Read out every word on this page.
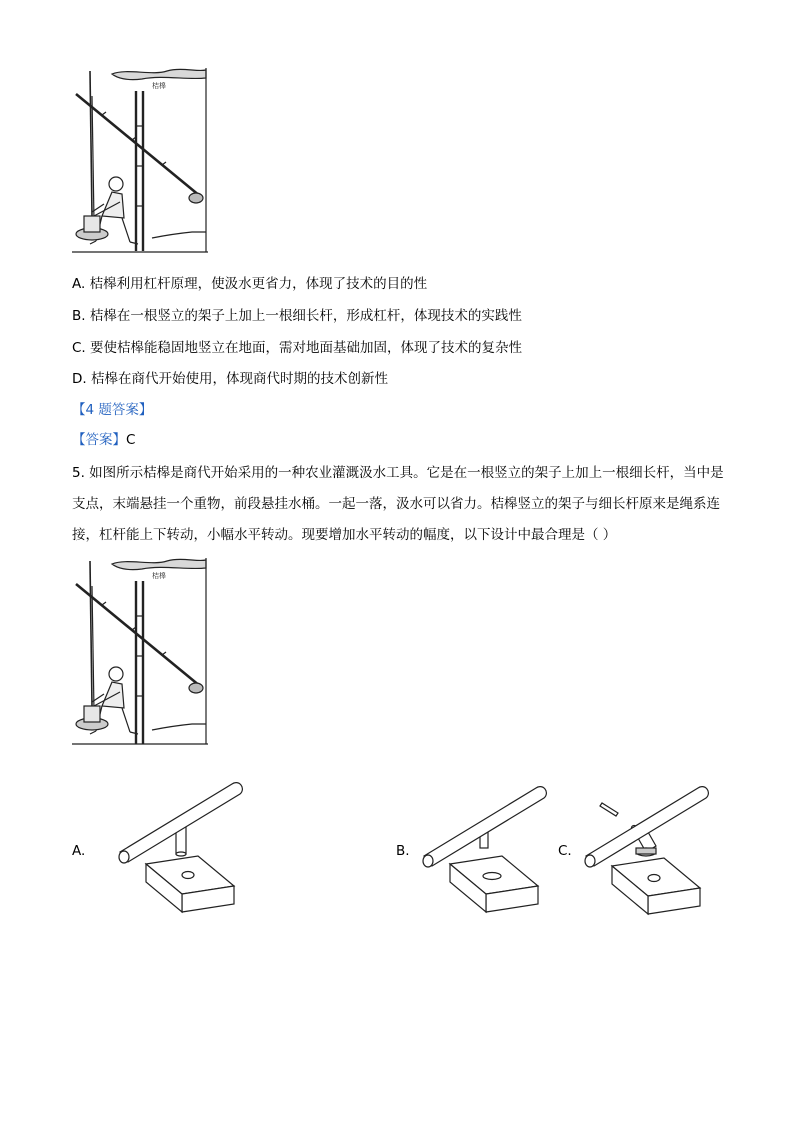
桔槔
A. 桔槔利用杠杆原理，使汲水更省力，体现了技术的目的性
B. 桔槔在一根竖立的架子上加上一根细长杆，形成杠杆，体现技术的实践性
C. 要使桔槔能稳固地竖立在地面，需对地面基础加固，体现了技术的复杂性
D. 桔槔在商代开始使用，体现商代时期的技术创新性
【4 题答案】
【答案】C
5. 如图所示桔槔是商代开始采用的一种农业灌溉汲水工具。它是在一根竖立的架子上加上一根细长杆，当中是支点，末端悬挂一个重物，前段悬挂水桶。一起一落，汲水可以省力。桔槔竖立的架子与细长杆原来是绳系连接，杠杆能上下转动，小幅水平转动。现要增加水平转动的幅度，以下设计中最合理是（ ）
桔槔
A.	B.	C.
